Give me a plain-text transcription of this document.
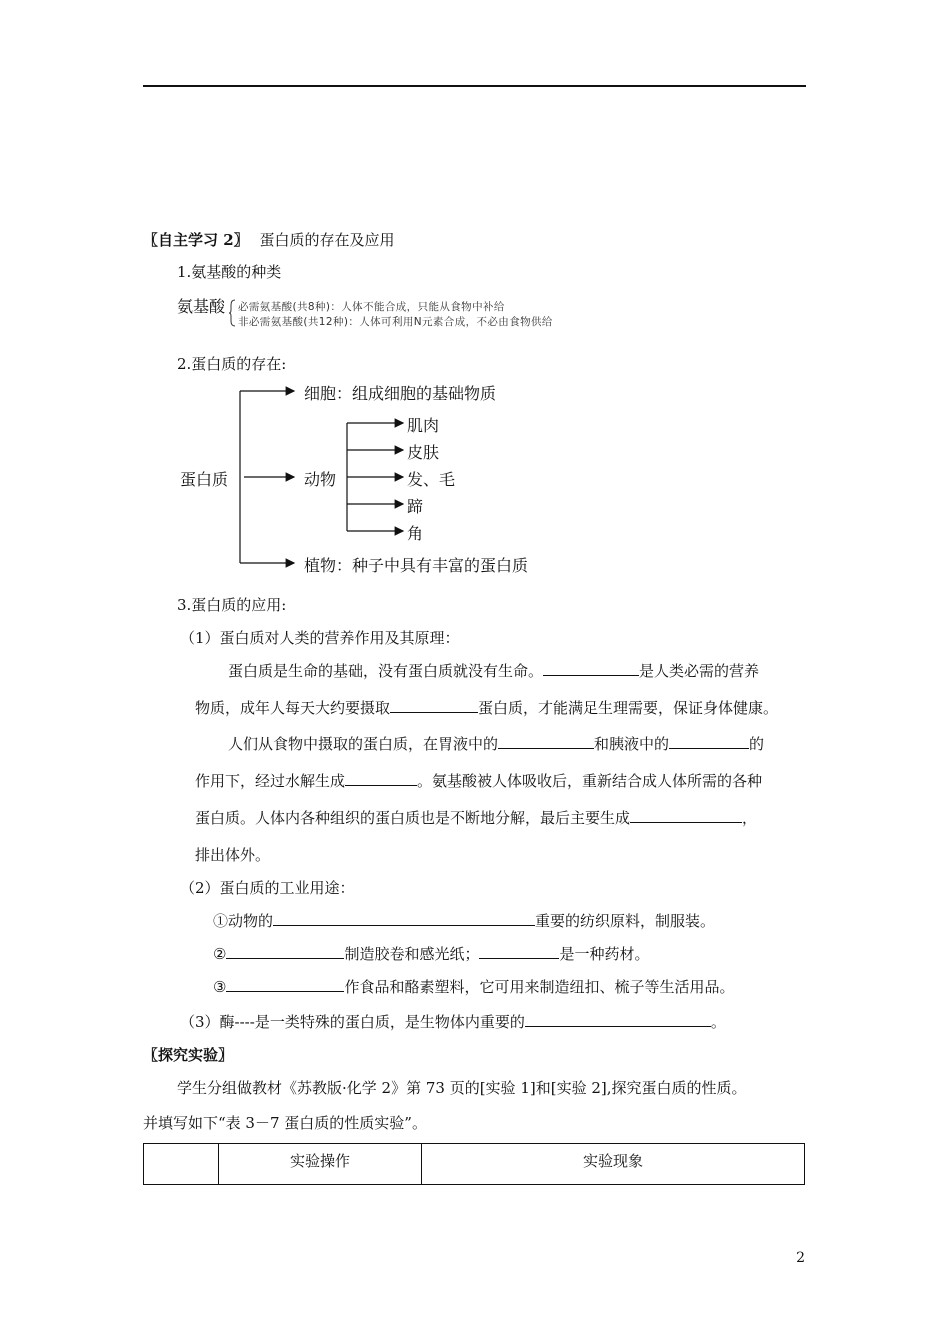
〖自主学习 2〗 蛋白质的存在及应用
1.氨基酸的种类
氨基酸 必需氨基酸(共8种)：人体不能合成，只能从食物中补给
非必需氨基酸(共12种)：人体可利用N元素合成，不必由食物供给
2.蛋白质的存在:
蛋白质
细胞：组成细胞的基础物质
动物
肌肉
皮肤
发、毛
蹄
角
植物：种子中具有丰富的蛋白质
3.蛋白质的应用:
（1）蛋白质对人类的营养作用及其原理：
蛋白质是生命的基础，没有蛋白质就没有生命。	是人类必需的营养
物质，成年人每天大约要摄取	蛋白质，才能满足生理需要，保证身体健康。
人们从食物中摄取的蛋白质，在胃液中的	和胰液中的	的
作用下，经过水解生成	。氨基酸被人体吸收后，重新结合成人体所需的各种
蛋白质。人体内各种组织的蛋白质也是不断地分解，最后主要生成	，
排出体外。
（2）蛋白质的工业用途：
①动物的	重要的纺织原料，制服装。
②	制造胶卷和感光纸；	是一种药材。
③	作食品和酪素塑料，它可用来制造纽扣、梳子等生活用品。
（3）酶----是一类特殊的蛋白质，是生物体内重要的	。
〖探究实验〗
学生分组做教材《苏教版·化学 2》第 73 页的[实验 1]和[实验 2],探究蛋白质的性质。
并填写如下“表 3－7 蛋白质的性质实验”。
	实验操作	实验现象
2
